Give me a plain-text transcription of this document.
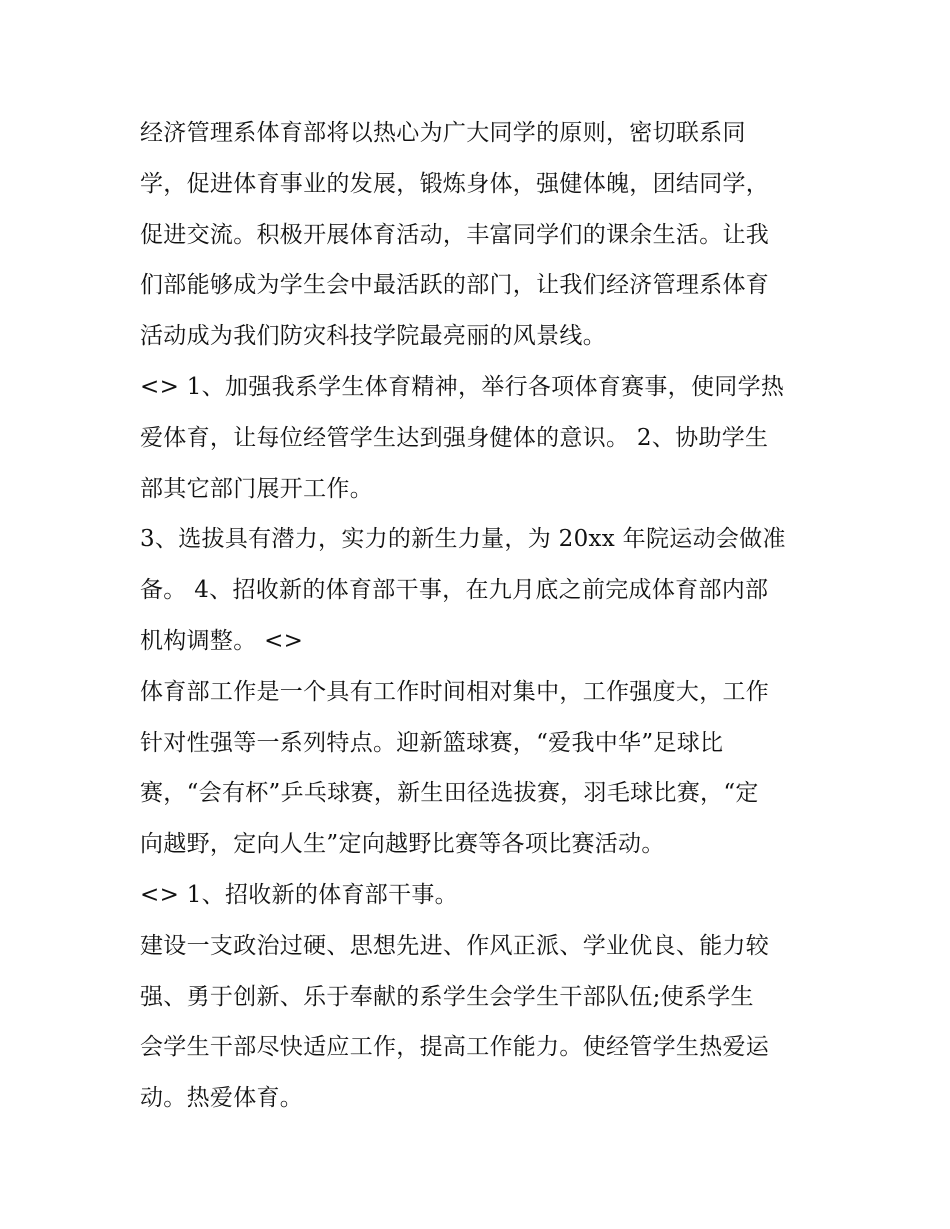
经济管理系体育部将以热心为广大同学的原则，密切联系同
学，促进体育事业的发展，锻炼身体，强健体魄，团结同学，
促进交流。积极开展体育活动，丰富同学们的课余生活。让我
们部能够成为学生会中最活跃的部门，让我们经济管理系体育
活动成为我们防灾科技学院最亮丽的风景线。
<> 1、加强我系学生体育精神，举行各项体育赛事，使同学热
爱体育，让每位经管学生达到强身健体的意识。 2、协助学生
部其它部门展开工作。
3、选拔具有潜力，实力的新生力量，为 20xx 年院运动会做准
备。 4、招收新的体育部干事，在九月底之前完成体育部内部
机构调整。 <>
体育部工作是一个具有工作时间相对集中，工作强度大，工作
针对性强等一系列特点。迎新篮球赛，“爱我中华”足球比
赛，“会有杯”乒乓球赛，新生田径选拔赛，羽毛球比赛，“定
向越野，定向人生”定向越野比赛等各项比赛活动。
<> 1、招收新的体育部干事。
建设一支政治过硬、思想先进、作风正派、学业优良、能力较
强、勇于创新、乐于奉献的系学生会学生干部队伍;使系学生
会学生干部尽快适应工作，提高工作能力。使经管学生热爱运
动。热爱体育。
